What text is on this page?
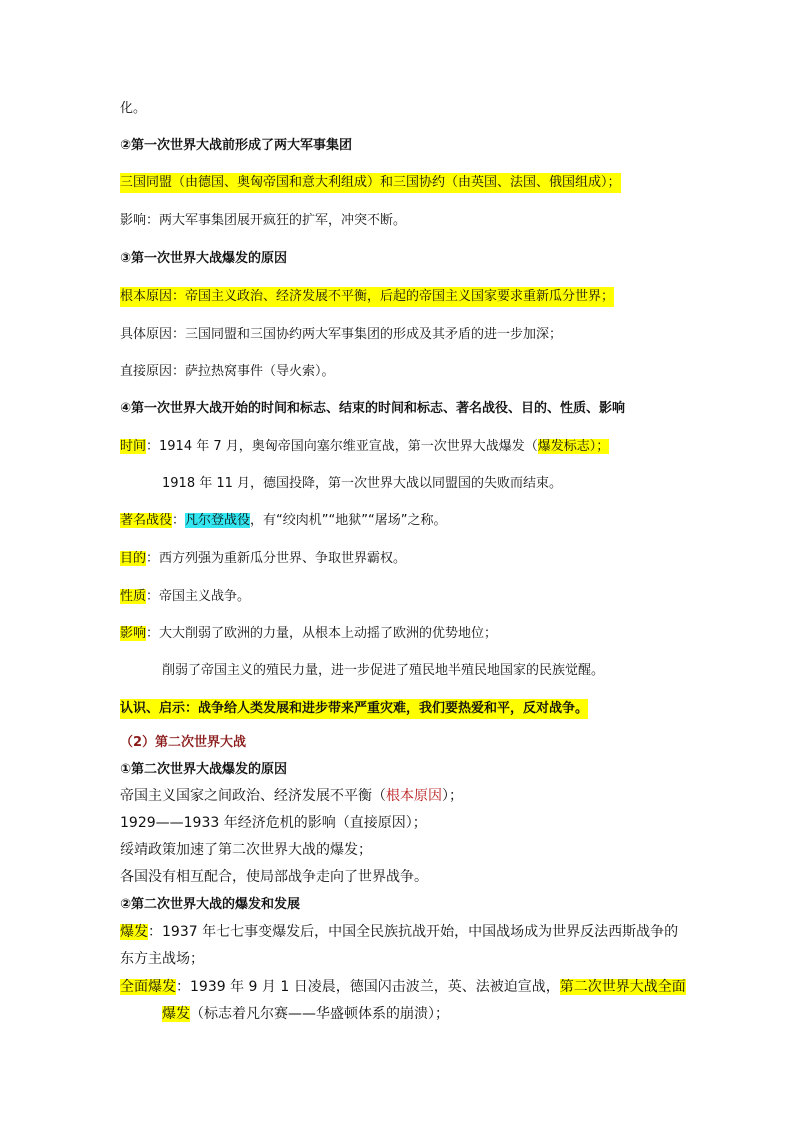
化。
②第一次世界大战前形成了两大军事集团
三国同盟（由德国、奥匈帝国和意大利组成）和三国协约（由英国、法国、俄国组成）；
影响：两大军事集团展开疯狂的扩军，冲突不断。
③第一次世界大战爆发的原因
根本原因：帝国主义政治、经济发展不平衡，后起的帝国主义国家要求重新瓜分世界；
具体原因：三国同盟和三国协约两大军事集团的形成及其矛盾的进一步加深；
直接原因：萨拉热窝事件（导火索）。
④第一次世界大战开始的时间和标志、结束的时间和标志、著名战役、目的、性质、影响
时间：1914 年 7 月，奥匈帝国向塞尔维亚宣战，第一次世界大战爆发（爆发标志）；
1918 年 11 月，德国投降，第一次世界大战以同盟国的失败而结束。
著名战役：凡尔登战役，有“绞肉机”“地狱”“屠场”之称。
目的：西方列强为重新瓜分世界、争取世界霸权。
性质：帝国主义战争。
影响：大大削弱了欧洲的力量，从根本上动摇了欧洲的优势地位；
削弱了帝国主义的殖民力量，进一步促进了殖民地半殖民地国家的民族觉醒。
认识、启示：战争给人类发展和进步带来严重灾难，我们要热爱和平，反对战争。
（2）第二次世界大战
①第二次世界大战爆发的原因
帝国主义国家之间政治、经济发展不平衡（根本原因）；
1929——1933 年经济危机的影响（直接原因）；
绥靖政策加速了第二次世界大战的爆发；
各国没有相互配合，使局部战争走向了世界战争。
②第二次世界大战的爆发和发展
爆发：1937 年七七事变爆发后，中国全民族抗战开始，中国战场成为世界反法西斯战争的
东方主战场；
全面爆发：1939 年 9 月 1 日凌晨，德国闪击波兰，英、法被迫宣战，第二次世界大战全面
爆发（标志着凡尔赛——华盛顿体系的崩溃）；
